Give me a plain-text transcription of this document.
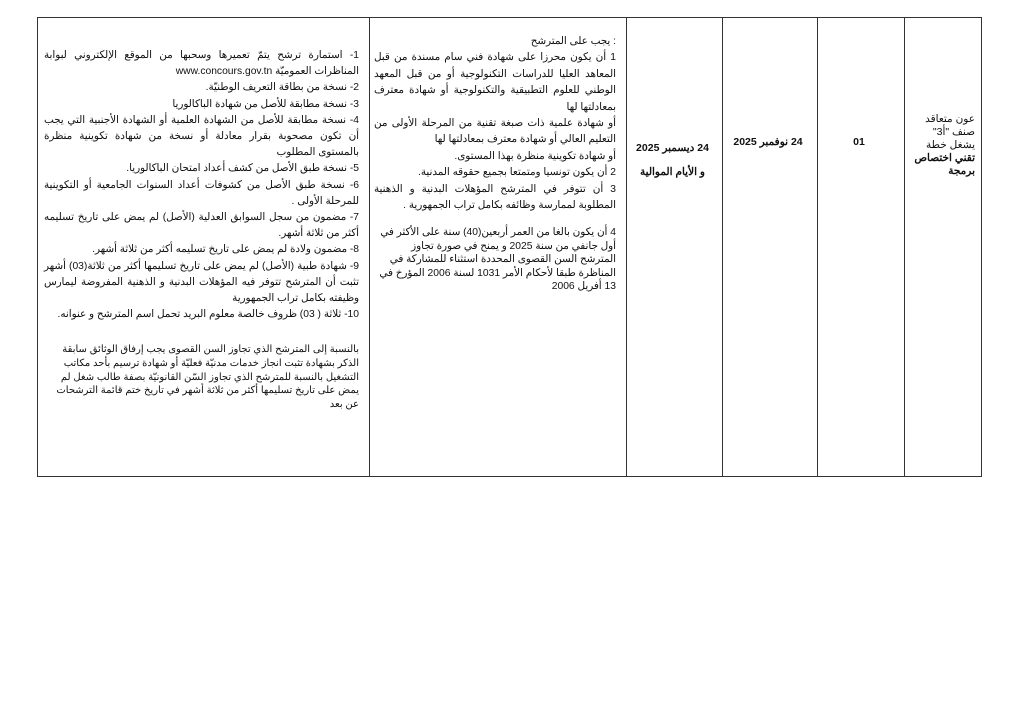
عون متعاقد
صنف "أ3"
يشغل خطة
تقني اختصاص
برمجة
01
24 نوفمبر 2025
24 ديسمبر 2025
و الأيام الموالية

: يجب على المترشح

1 أن يكون محرزا على شهادة فني سام مسندة من قبل المعاهد العليا للدراسات التكنولوجية أو من قبل المعهد الوطني للعلوم التطبيقية والتكنولوجية أو شهادة معترف بمعادلتها لها

أو شهادة علمية ذات صبغة تقنية من المرحلة الأولى من التعليم العالي أو شهادة معترف بمعادلتها لها

أو شهادة تكوينية منظرة بهذا المستوى.

2 أن يكون تونسيا ومتمتعا بجميع حقوقه المدنية.

3 أن تتوفر في المترشح المؤهلات البدنية و الذهنية المطلوبة لممارسة وظائفه بكامل تراب الجمهورية .

4 أن يكون بالغا من العمر أربعين(40) سنة على الأكثر في أول جانفي من سنة 2025 و يمنح في صورة تجاوز المترشح السن القصوى المحددة استثناء للمشاركة في المناظرة طبقا لأحكام الأمر 1031 لسنة 2006 المؤرخ في 13 أفريل 2006

1- استمارة ترشح يتمّ تعميرها وسحبها من الموقع الإلكتروني لبوابة المناظرات العموميّة www.concours.gov.tn
2- نسخة من بطاقة التعريف الوطنيّة.
3- نسخة مطابقة للأصل من شهادة الباكالوريا
4- نسخة مطابقة للأصل من الشهادة العلمية أو الشهادة الأجنبية التي يجب أن تكون مصحوبة بقرار معادلة أو نسخة من شهادة تكوينية منظرة بالمستوى المطلوب
5- نسخة طبق الأصل من كشف أعداد امتحان الباكالوريا.
6- نسخة طبق الأصل من كشوفات أعداد السنوات الجامعية أو التكوينية للمرحلة الأولى .
7- مضمون من سجل السوابق العدلية (الأصل) لم يمض على تاريخ تسليمه أكثر من ثلاثة أشهر.
8- مضمون ولادة لم يمض على تاريخ تسليمه أكثر من ثلاثة أشهر.
9- شهادة طبية (الأصل) لم يمض على تاريخ تسليمها أكثر من ثلاثة(03) أشهر تثبت أن المترشح تتوفر فيه المؤهلات البدنية و الذهنية المفروضة ليمارس وظيفته بكامل تراب الجمهورية
10- ثلاثة ( 03) ظروف خالصة معلوم البريد تحمل اسم المترشح و عنوانه.

بالنسبة إلى المترشح الذي تجاوز السن القصوى يجب إرفاق الوثائق سابقة الذكر بشهادة تثبت انجاز خدمات مدنيّة فعليّة أو شهادة ترسيم بأحد مكاتب التشغيل بالنسبة للمترشح الذي تجاوز السّن القانونيّة بصفة طالب شغل لم يمض على تاريخ تسليمها أكثر من ثلاثة أشهر في تاريخ ختم قائمة الترشحات عن بعد
